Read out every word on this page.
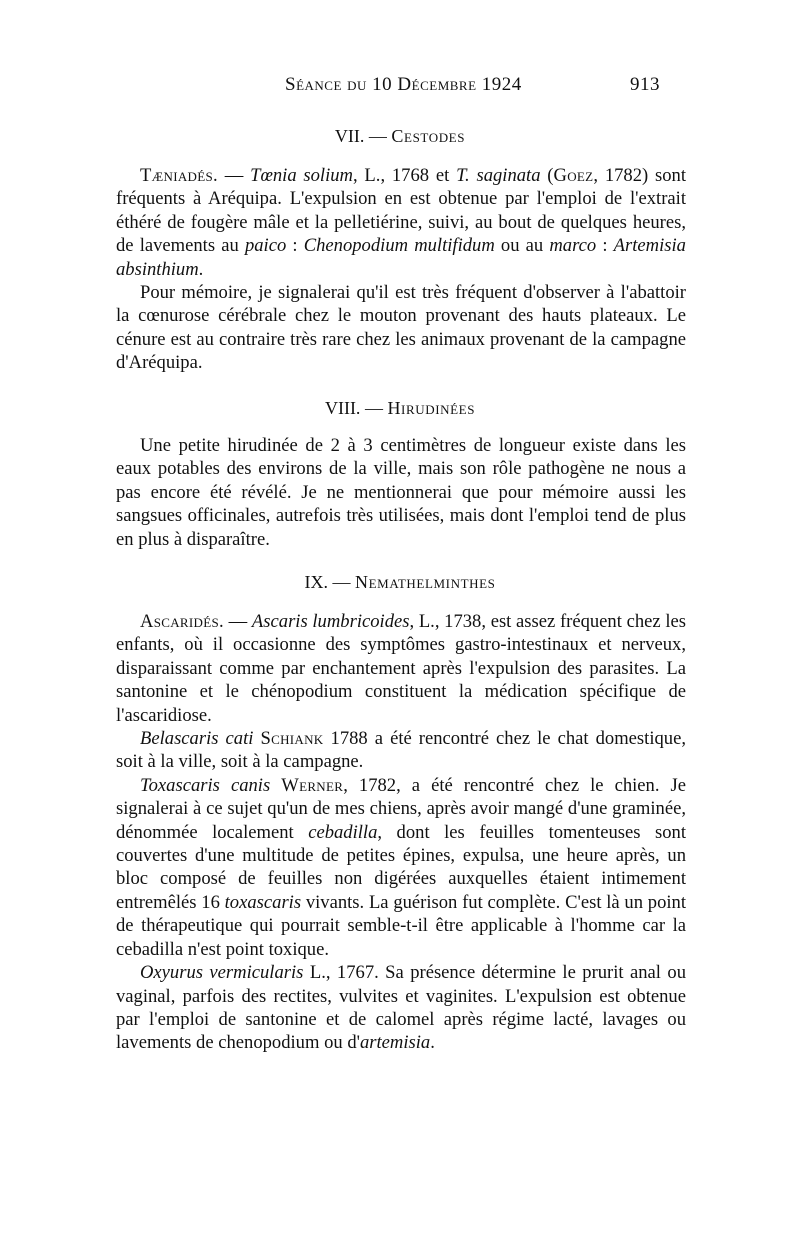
Séance du 10 Décembre 1924	913
VII. — Cestodes

Tæniadés. — Tœnia solium, L., 1768 et T. saginata (Goez, 1782) sont fréquents à Aréquipa. L'expulsion en est obtenue par l'emploi de l'extrait éthéré de fougère mâle et la pelletiérine, suivi, au bout de quelques heures, de lavements au paico : Chenopodium multifidum ou au marco : Artemisia absinthium.

Pour mémoire, je signalerai qu'il est très fréquent d'observer à l'abattoir la cœnurose cérébrale chez le mouton provenant des hauts plateaux. Le cénure est au contraire très rare chez les animaux provenant de la campagne d'Aréquipa.

VIII. — Hirudinées

Une petite hirudinée de 2 à 3 centimètres de longueur existe dans les eaux potables des environs de la ville, mais son rôle pathogène ne nous a pas encore été révélé. Je ne mentionnerai que pour mémoire aussi les sangsues officinales, autrefois très utilisées, mais dont l'emploi tend de plus en plus à disparaître.

IX. — Nemathelminthes

Ascaridés. — Ascaris lumbricoides, L., 1738, est assez fréquent chez les enfants, où il occasionne des symptômes gastro-intestinaux et nerveux, disparaissant comme par enchantement après l'expulsion des parasites. La santonine et le chénopodium constituent la médication spécifique de l'ascaridiose.

Belascaris cati Schiank 1788 a été rencontré chez le chat domestique, soit à la ville, soit à la campagne.

Toxascaris canis Werner, 1782, a été rencontré chez le chien. Je signalerai à ce sujet qu'un de mes chiens, après avoir mangé d'une graminée, dénommée localement cebadilla, dont les feuilles tomenteuses sont couvertes d'une multitude de petites épines, expulsa, une heure après, un bloc composé de feuilles non digérées auxquelles étaient intimement entremêlés 16 toxascaris vivants. La guérison fut complète. C'est là un point de thérapeutique qui pourrait semble-t-il être applicable à l'homme car la cebadilla n'est point toxique.

Oxyurus vermicularis L., 1767. Sa présence détermine le prurit anal ou vaginal, parfois des rectites, vulvites et vaginites. L'expulsion est obtenue par l'emploi de santonine et de calomel après régime lacté, lavages ou lavements de chenopodium ou d'artemisia.
